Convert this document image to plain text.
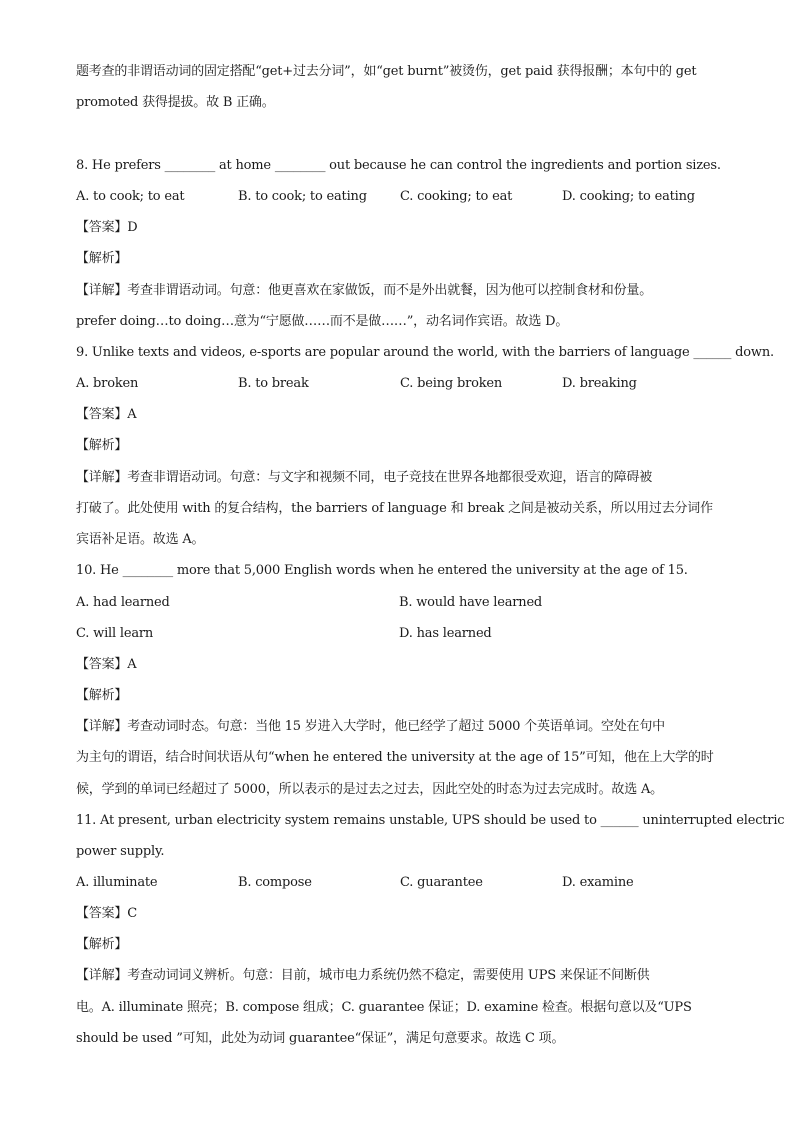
题考查的非谓语动词的固定搭配“get+过去分词”，如“get burnt”被烫伤，get paid 获得报酬；本句中的 get
promoted 获得提拔。故 B 正确。
8. He prefers ________ at home ________ out because he can control the ingredients and portion sizes.
A. to cook; to eat	B. to cook; to eating	C. cooking; to eat	D. cooking; to eating
【答案】D
【解析】
【详解】考查非谓语动词。句意：他更喜欢在家做饭，而不是外出就餐，因为他可以控制食材和份量。
prefer doing…to doing…意为“宁愿做……而不是做……”，动名词作宾语。故选 D。
9. Unlike texts and videos, e-sports are popular around the world, with the barriers of language ______ down.
A. broken	B. to break	C. being broken	D. breaking
【答案】A
【解析】
【详解】考查非谓语动词。句意：与文字和视频不同，电子竞技在世界各地都很受欢迎，语言的障碍被
打破了。此处使用 with 的复合结构，the barriers of language 和 break 之间是被动关系，所以用过去分词作
宾语补足语。故选 A。
10. He ________ more that 5,000 English words when he entered the university at the age of 15.
A. had learned	B. would have learned
C. will learn	D. has learned
【答案】A
【解析】
【详解】考查动词时态。句意：当他 15 岁进入大学时，他已经学了超过 5000 个英语单词。空处在句中
为主句的谓语，结合时间状语从句“when he entered the university at the age of 15”可知，他在上大学的时
候，学到的单词已经超过了 5000，所以表示的是过去之过去，因此空处的时态为过去完成时。故选 A。
11. At present, urban electricity system remains unstable, UPS should be used to ______ uninterrupted electric
power supply.
A. illuminate	B. compose	C. guarantee	D. examine
【答案】C
【解析】
【详解】考查动词词义辨析。句意：目前，城市电力系统仍然不稳定，需要使用 UPS 来保证不间断供
电。A. illuminate 照亮；B. compose 组成；C. guarantee 保证；D. examine 检查。根据句意以及“UPS
should be used ”可知，此处为动词 guarantee“保证”，满足句意要求。故选 C 项。
